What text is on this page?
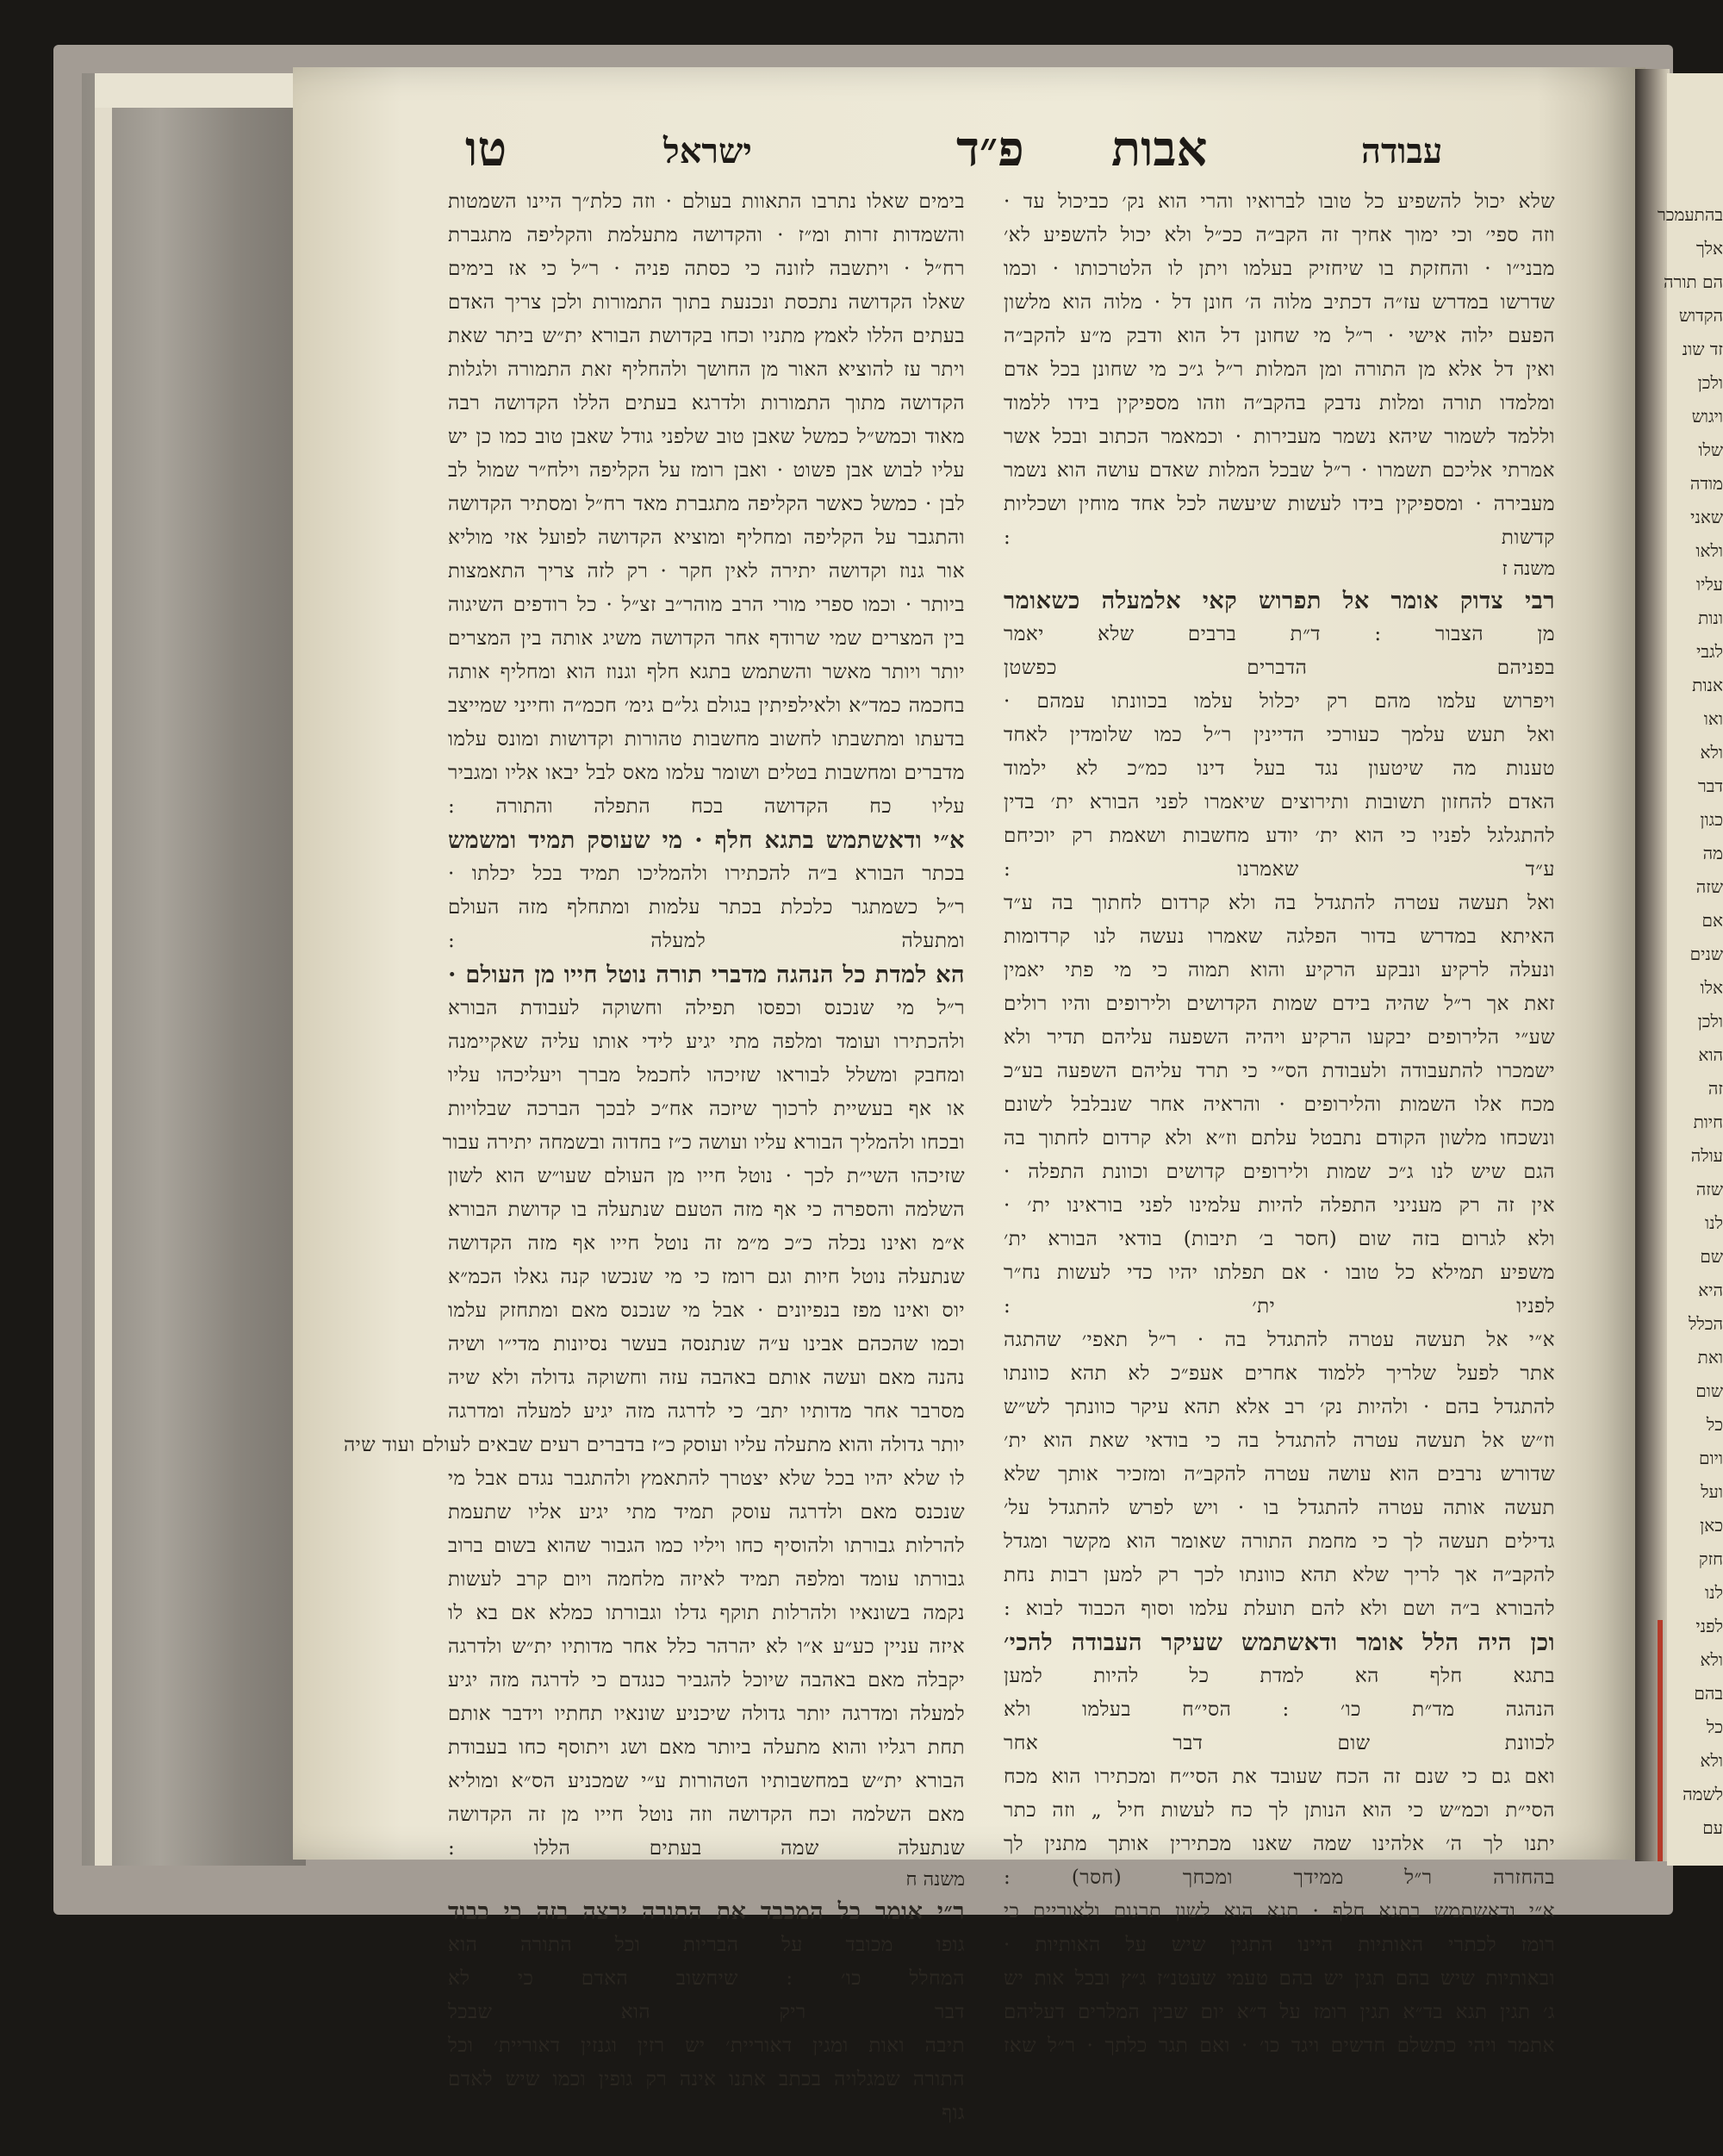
טו	ישראל	פ״ד אבות	עבודה
בימים שאלו נתרבו התאוות בעולם · וזה כלת״ך היינו השמטות
והשמדות זרות ומ״ז · והקדושה מתעלמת והקליפה מתגברת
רח״ל · ויתשבה לזונה כי כסתה פניה · ר״ל כי אז בימים
שאלו הקדושה נתכסת ונכנעת בתוך התמורות ולכן צריך האדם
בעתים הללו לאמץ מתניו וכחו בקדושת הבורא ית״ש ביתר שאת
ויתר עז להוציא האור מן החושך ולהחליף זאת התמורה ולגלות
הקדושה מתוך התמורות ולדרגא בעתים הללו הקדושה רבה
מאוד וכמש״ל כמשל שאבן טוב שלפני גודל שאבן טוב כמו כן יש
עליו לבוש אבן פשוט · ואבן רומז על הקליפה וילח״ר שמול לב
לבן · כמשל כאשר הקליפה מתגברת מאד רח״ל ומסתיר הקדושה
והתגבר על הקליפה ומחליף ומוציא הקדושה לפועל אזי מוליא
אור גנוז וקדושה יתירה לאין חקר · רק לזה צריך התאמצות
ביותר · וכמו ספרי מורי הרב מוהר״ב זצ״ל · כל רודפים השיגוה
בין המצרים שמי שרודף אחר הקדושה משיג אותה בין המצרים
יותר ויותר מאשר והשתמש בתגא חלף וגנוז הוא ומחליף אותה
בחכמה כמד״א ולאילפיתין בגולם גל״ם גימ׳ חכמ״ה וחייני שמייצב
בדעתו ומתשבתו לחשוב מחשבות טהורות וקדושות ומונס עלמו
מדברים ומחשבות בטלים ושומר עלמו מאס לבל יבאו אליו ומגביר
עליו כח הקדושה בכח התפלה והתורה :
א״י ודאשתמש בתגא חלף · מי שעוסק תמיד ומשמש
בכתר הבורא ב״ה להכתירו ולהמליכו תמיד בכל יכלתו ·
ר״ל כשמתגר כלכלת בכתר עלמות ומתחלף מזה העולם
ומתעלה למעלה :
הא למדת כל הנהגה מדברי תורה נוטל חייו מן העולם ·
ר״ל מי שנכנס וכפסו תפילה וחשוקה לעבודת הבורא
ולהכתירו ועומד ומלפה מתי יגיע לידי אותו עליה שאקיימנה
ומחבק ומשלל לבוראו שזיכהו לחכמל מברך ויעליכהו עליו
או אף בעשיית לרכוך שיזכה אח״כ לבכך הברכה שבלויות
ובכחו ולהמליך הבורא עליו ועושה כ״ז בחדוה ובשמחה יתירה עבור
שזיכהו השי״ת לכך · נוטל חייו מן העולם שעו״ש הוא לשון
השלמה והספרה כי אף מזה הטעם שנתעלה בו קדושת הבורא
א״מ ואינו נכלה כ״כ מ״מ זה נוטל חייו אף מזה הקדושה
שנתעלה נוטל חיות וגם רומז כי מי שנכשו קנה גאלו הכמ״א
יוס ואינו מפז בנפיונים · אבל מי שנכנס מאם ומתחזק עלמו
וכמו שהכהם אבינו ע״ה שנתנסה בעשר נסיונות מדי״ו ושיה
נהנה מאם ועשה אותם באהבה עזה וחשוקה גדולה ולא שיה
מסרבר אחר מדותיו יתב׳ כי לדרגה מזה יגיע למעלה ומדרגה
יותר גדולה והוא מתעלה עליו ועוסק כ״ז בדברים רעים שבאים לעולם ועוד שיה
לו שלא יהיו בכל שלא יצטרך להתאמץ ולהתגבר נגדם אבל מי
שנכנס מאם ולדרגה עוסק תמיד מתי יגיע אליו שתעמת
להרלות גבורתו ולהוסיף כחו ויליו כמו הגבור שהוא בשום ברוב
גבורתו עומד ומלפה תמיד לאיזה מלחמה ויום קרב לעשות
נקמה בשונאיו ולהרלות תוקף גדלו וגבורתו כמלא אם בא לו
איזה עניין כע״ע א״ו לא יהרהר כלל אחר מדותיו ית״ש ולדרגה
יקבלה מאם באהבה שיוכל להגביר כנגדם כי לדרגה מזה יגיע
למעלה ומדרגה יותר גדולה שיכניע שונאיו תחתיו וידבר אותם
תחת רגליו והוא מתעלה ביותר מאם ושג ויתוסף כחו בעבודת
הבורא ית״ש במחשבותיו הטהורות ע״י שמכניע הס״א ומוליא
מאם השלמה וכח הקדושה וזה נוטל חייו מן זה הקדושה
שנתעלה שמה בעתים הללו :
משנה ח
ר״י אומר כל המכבד את התורה ירצה בזה כי כבוד
גופו מכובד על הבריות וכל התורה הוא
המחלל כו׳ : שיחשוב האדם כי לא
דבר ריק הוא שבכל
תיבה ואות ומגין דאוריית׳ יש רזין וגנזין דאוריית׳ וכל
התורה שמגלויה בכתב אתנו אינה רק גופין וכמו שיש לאדם
גוף
שלא יכול להשפיע כל טובו לברואיו והרי הוא נק׳ כביכול עד ·
וזה ספי׳ וכי ימוך אחיך זה הקב״ה ככ״ל ולא יכול להשפיע לא׳
מבני״ו · והחזקת בו שיחזיק בעלמו ויתן לו הלטרכותו · וכמו
שדרשו במדרש עז״ה דכתיב מלוה ה׳ חונן דל · מלוה הוא מלשון
הפעם ילוה אישי · ר״ל מי שחונן דל הוא ודבק מ״ע להקב״ה
ואין דל אלא מן התורה ומן המלות ר״ל ג״כ מי שחונן בכל אדם
ומלמדו תורה ומלות נדבק בהקב״ה וזהו מספיקין בידו ללמוד
וללמד לשמור שיהא נשמר מעבירות · וכמאמר הכתוב ובכל אשר
אמרתי אליכם תשמרו · ר״ל שבכל המלות שאדם עושה הוא נשמר
מעבירה · ומספיקין בידו לעשות שיעשה לכל אחד מוחין ושכליות
קדשות :
משנה ז
רבי צדוק אומר אל תפרוש קאי אלמעלה כשאומר
מן הצבור : ד״ת ברבים שלא יאמר
בפניהם הדברים כפשטן
ויפרוש עלמו מהם רק יכלול עלמו בכוונתו עמהם ·
ואל תעש עלמך כעורכי הדיינין ר״ל כמו שלומדין לאחד
טענות מה שיטעון נגד בעל דינו כמ״כ לא ילמוד
האדם להחזון תשובות ותירוצים שיאמרו לפני הבורא ית׳ בדין
להתגלגל לפניו כי הוא ית׳ יודע מחשבות ושאמת רק יוכיחם
ע״ד שאמרנו :
ואל תעשה עטרה להתגדל בה ולא קרדום לחתוך בה ע״ד
האיתא במדרש בדור הפלגה שאמרו נעשה לנו קרדומות
ונעלה לרקיע ונבקע הרקיע והוא תמוה כי מי פתי יאמין
זאת אך ר״ל שהיה בידם שמות הקדושים ולירופים והיו רולים
שע״י הלירופים יבקעו הרקיע ויהיה השפעה עליהם תדיר ולא
ישמכרו להתעבודה ולעבודת הס״י כי תרד עליהם השפעה בע״כ
מכח אלו השמות והלירופים · והראיה אחר שנבלבל לשונם
ונשכחו מלשון הקודם נתבטל עלתם וז״א ולא קרדום לחתוך בה
הגם שיש לנו ג״כ שמות ולירופים קדושים וכוונת התפלה ·
אין זה רק מעניני התפלה להיות עלמינו לפני בוראינו ית׳ ·
ולא לגרום בזה שום (חסר ב׳ תיבות) בודאי הבורא ית׳
משפיע תמילא כל טובו · אם תפלתו יהיו כדי לעשות נח״ר
לפניו ית׳ :
א״י אל תעשה עטרה להתגדל בה · ר״ל תאפי׳ שהתגה
אתר לפעל שלריך ללמוד אחרים אעפ״כ לא תהא כוונתו
להתגדל בהם · ולהיות נק׳ רב אלא תהא עיקר כוונתך לש״ש
וז״ש אל תעשה עטרה להתגדל בה כי בודאי שאת הוא ית׳
שדורש נרבים הוא עושה עטרה להקב״ה ומזכיר אותך שלא
תעשה אותה עטרה להתגדל בו · ויש לפרש להתגדל על׳
גדילים תעשה לך כי מחמת התורה שאומר הוא מקשר ומגדל
להקב״ה אך לריך שלא תהא כוונתו לכך רק למען רבות נחת
להבורא ב״ה ושם ולא להם תועלת עלמו וסוף הכבוד לבוא :
וכן היה הלל אומר ודאשתמש שעיקר העבודה להכי׳
בתגא חלף הא למדת כל להיות למען
הנהגה מד״ת כו׳ : הסי״ח בעלמו ולא
לכוונת שום דבר אחר
ואם גם כי שנם זה הכח שעובד את הסי״ח ומכתירו הוא מכח
הסי״ת וכמ״ש כי הוא הנותן לך כח לעשות חיל „ וזה כתר
יתנו לך ה׳ אלהינו שמה שאנו מכתירין אותך מתנין לך
בהחזרה ר״ל ממידך ומכחך (חסר) :
א״י ודאשתמש בתגא חלף · תגא הוא לשון תרגום ולאוריים כי
רומז לכתרי האותיות היינו התגין שיש על האותיות ·
ובאותיות שיש בהם תגין יש בהם טעמי שעטנ״ז ג״ץ ובכל אות יש
ג׳ תגין תגא בד״א תגין רומז על ד״א יום שבין המלרים דעליהם
אתמר ויהי כתשלם חדשים ויגד כו׳ · ואם תגר כלתך · ר״ל שאז
בהתעמכר
אלך
הם תורה
הקדוש
זד שונ
ולכן
ויגוש
שלו
מודה
שאני
ולאו
עליו
ונות
לגבי
אנות
ואו
ולא
דבר
כגון
מה
שזה
אם
שנים
אלו
ולכן
הוא
זה
חיות
עולה
שזה
לנו
שם
היא
הכלל
ואת
שום
כל
ויום
ועל
כאן
חזק
לנו
לפני
ולא
בהם
כל
ולא
לשמה
עם
